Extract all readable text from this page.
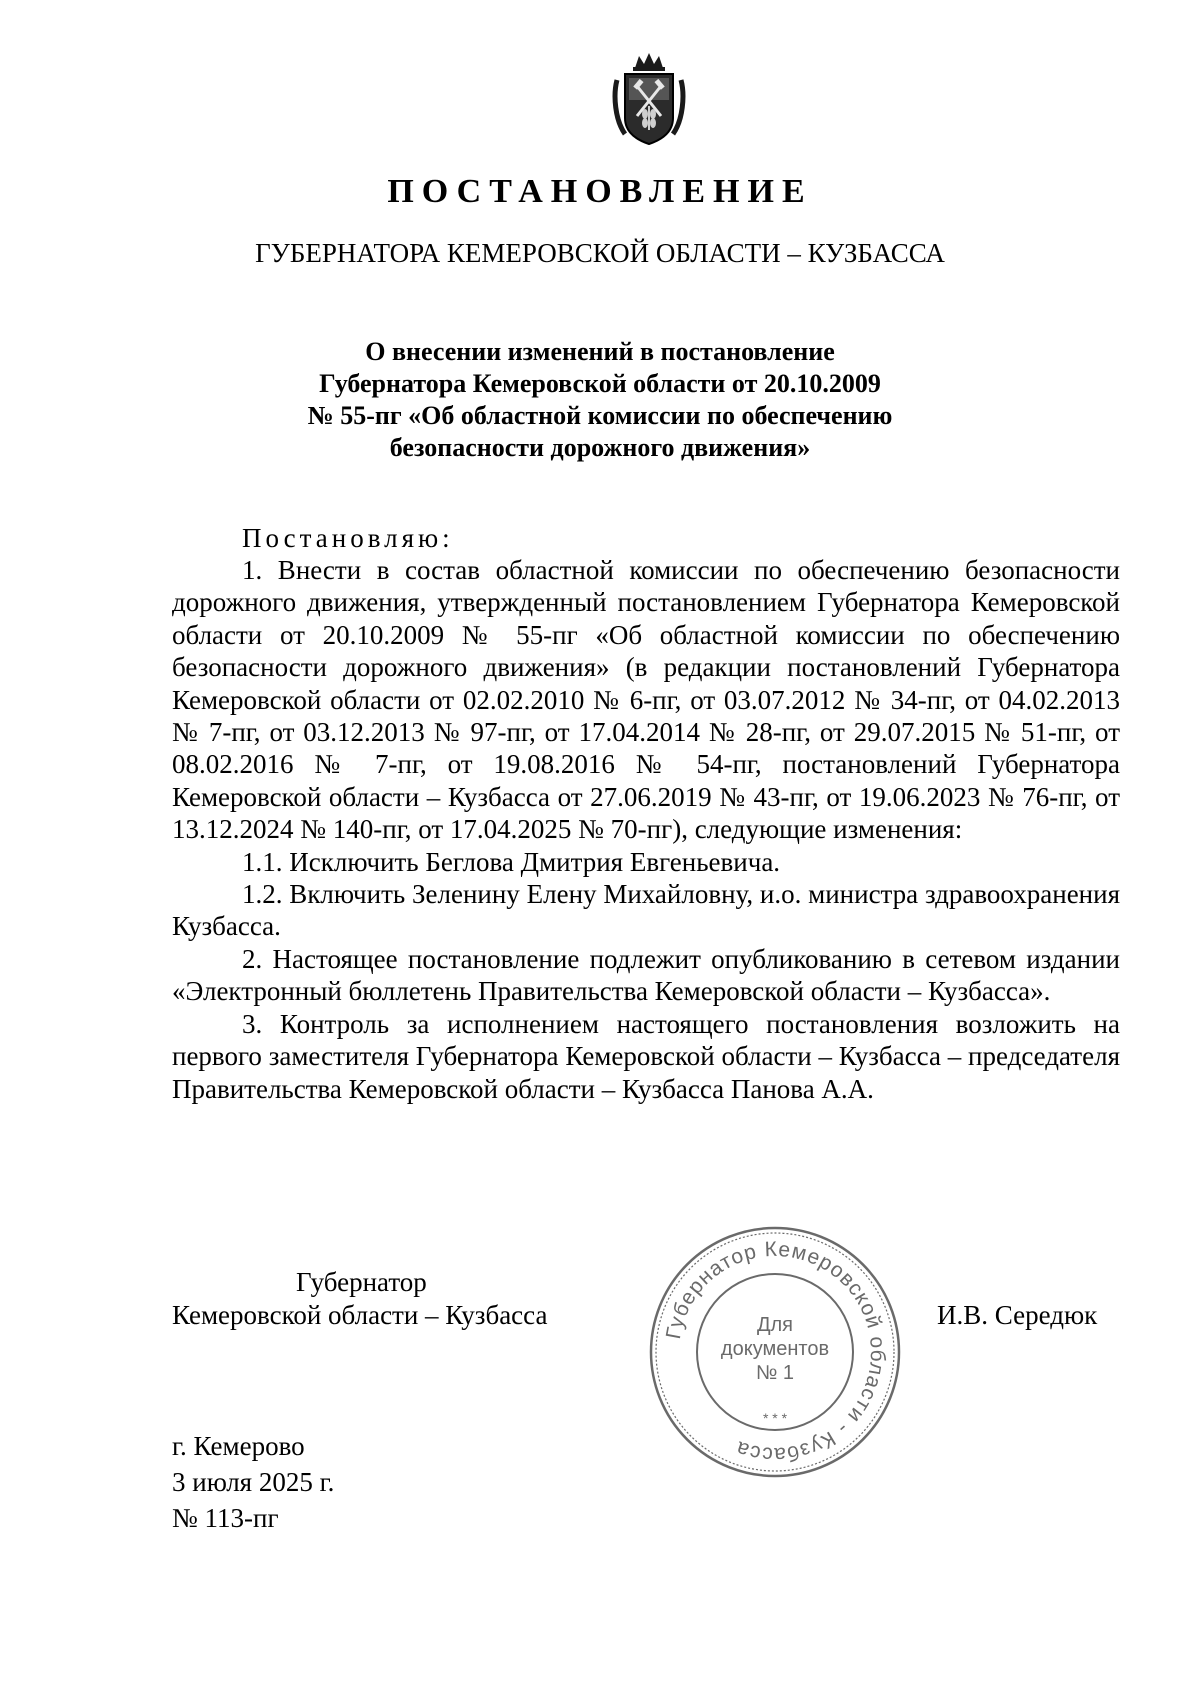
ПОСТАНОВЛЕНИЕ
ГУБЕРНАТОРА КЕМЕРОВСКОЙ ОБЛАСТИ – КУЗБАССА
О внесении изменений в постановление
Губернатора Кемеровской области от 20.10.2009
№ 55-пг «Об областной комиссии по обеспечению
безопасности дорожного движения»
Постановляю:

1. Внести в состав областной комиссии по обеспечению безопасности дорожного движения, утвержденный постановлением Губернатора Кемеровской области от 20.10.2009 № 55-пг «Об областной комиссии по обеспечению безопасности дорожного движения» (в редакции постановлений Губернатора Кемеровской области от 02.02.2010 № 6-пг, от 03.07.2012 № 34-пг, от 04.02.2013 № 7-пг, от 03.12.2013 № 97-пг, от 17.04.2014 № 28-пг, от 29.07.2015 № 51-пг, от 08.02.2016 № 7-пг, от 19.08.2016 № 54-пг, постановлений Губернатора Кемеровской области – Кузбасса от 27.06.2019 № 43-пг, от 19.06.2023 № 76-пг, от 13.12.2024 № 140-пг, от 17.04.2025 № 70-пг), следующие изменения:

1.1. Исключить Беглова Дмитрия Евгеньевича.

1.2. Включить Зеленину Елену Михайловну, и.о. министра здравоохранения Кузбасса.

2. Настоящее постановление подлежит опубликованию в сетевом издании «Электронный бюллетень Правительства Кемеровской области – Кузбасса».

3. Контроль за исполнением настоящего постановления возложить на первого заместителя Губернатора Кемеровской области – Кузбасса – председателя Правительства Кемеровской области – Кузбасса Панова А.А.

Губернатор
Кемеровской области – Кузбасса	И.В. Середюк
Губернатор Кемеровской области - Кузбасса
Для
документов
№ 1
* * *
г. Кемерово
3 июля 2025 г.
№ 113-пг
